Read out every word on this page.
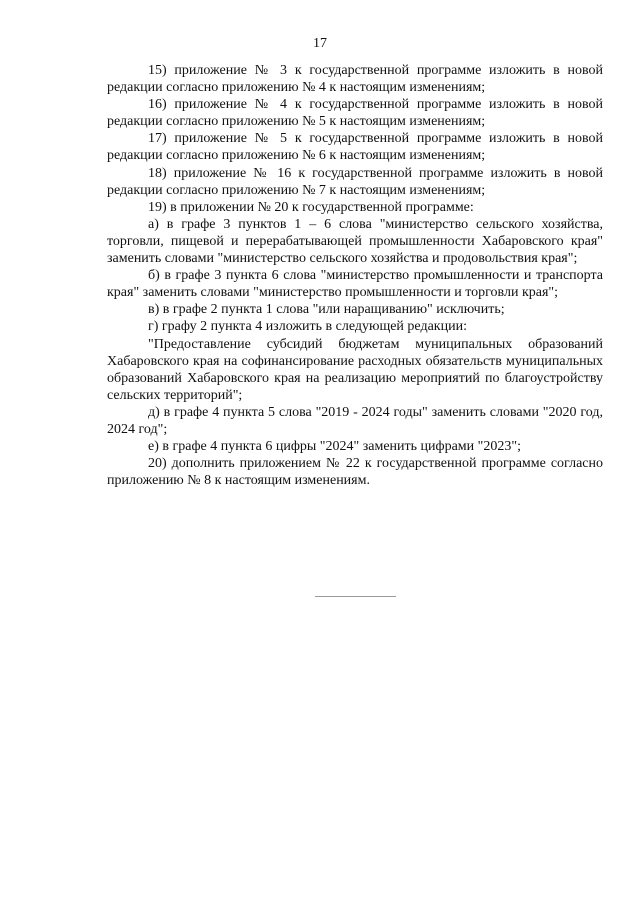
17

15) приложение № 3 к государственной программе изложить в новой редакции согласно приложению № 4 к настоящим изменениям;

16) приложение № 4 к государственной программе изложить в новой редакции согласно приложению № 5 к настоящим изменениям;

17) приложение № 5 к государственной программе изложить в новой редакции согласно приложению № 6 к настоящим изменениям;

18) приложение № 16 к государственной программе изложить в новой редакции согласно приложению № 7 к настоящим изменениям;

19) в приложении № 20 к государственной программе:

а) в графе 3 пунктов 1 – 6 слова "министерство сельского хозяйства, торговли, пищевой и перерабатывающей промышленности Хабаровского края" заменить словами "министерство сельского хозяйства и продовольствия края";

б) в графе 3 пункта 6 слова "министерство промышленности и транспорта края" заменить словами "министерство промышленности и торговли края";

в) в графе 2 пункта 1 слова "или наращиванию" исключить;

г) графу 2 пункта 4 изложить в следующей редакции:

"Предоставление субсидий бюджетам муниципальных образований Хабаровского края на софинансирование расходных обязательств муниципальных образований Хабаровского края на реализацию мероприятий по благоустройству сельских территорий";

д) в графе 4 пункта 5 слова "2019 - 2024 годы" заменить словами "2020 год, 2024 год";

е) в графе 4 пункта 6 цифры "2024" заменить цифрами "2023";

20) дополнить приложением № 22 к государственной программе согласно приложению № 8 к настоящим изменениям.
